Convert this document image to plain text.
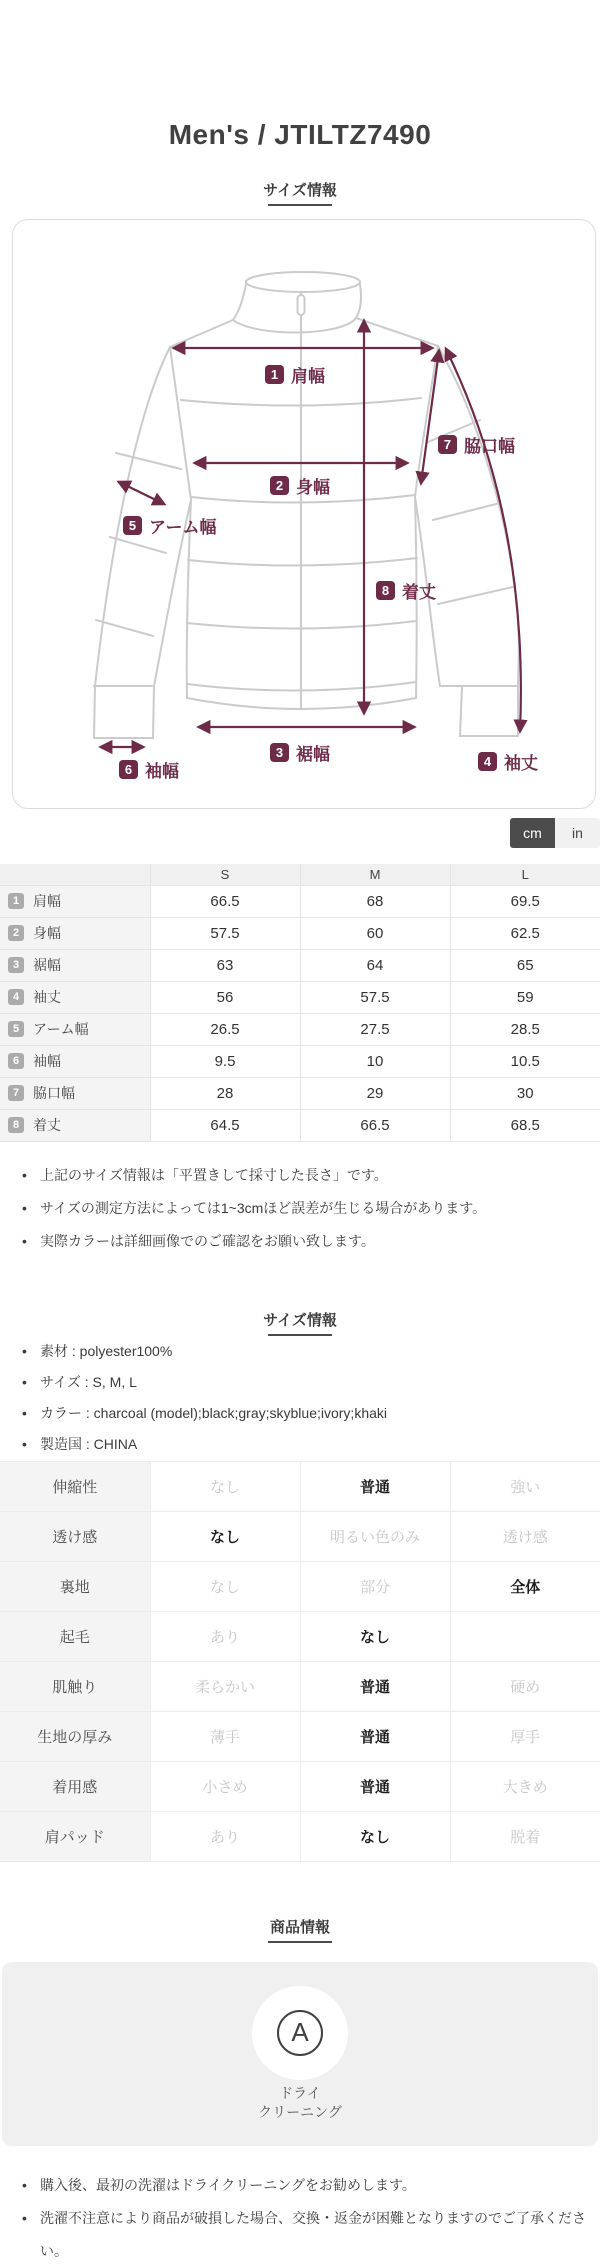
Men's / JTILTZ7490
サイズ情報
1 肩幅
2 身幅
3 裾幅	4 袖丈
5 アーム幅
6 袖幅
7 脇口幅
8 着丈
cm in
	S	M	L

1 肩幅	66.5	68	69.5

2 身幅	57.5	60	62.5

3 裾幅	63	64	65

4 袖丈	56	57.5	59

5 アーム幅	26.5	27.5	28.5

6 袖幅	9.5	10	10.5

7 脇口幅	28	29	30

8 着丈	64.5	66.5	68.5
• 上記のサイズ情報は「平置きして採寸した長さ」です。
• サイズの測定方法によっては1~3cmほど誤差が生じる場合があります。
• 実際カラーは詳細画像でのご確認をお願い致します。
サイズ情報
• 素材 : polyester100%
• サイズ : S, M, L
• カラー : charcoal (model);black;gray;skyblue;ivory;khaki
• 製造国 : CHINA
伸縮性	なし	普通	強い
透け感	なし	明るい色のみ	透け感
裏地	なし	部分	全体
起毛	あり	なし	
肌触り	柔らかい	普通	硬め
生地の厚み	薄手	普通	厚手
着用感	小さめ	普通	大きめ
肩パッド	あり	なし	脱着
商品情報
A
ドライ
クリーニング
• 購入後、最初の洗濯はドライクリーニングをお勧めします。
• 洗濯不注意により商品が破損した場合、交換・返金が困難となりますのでご了承ください。
